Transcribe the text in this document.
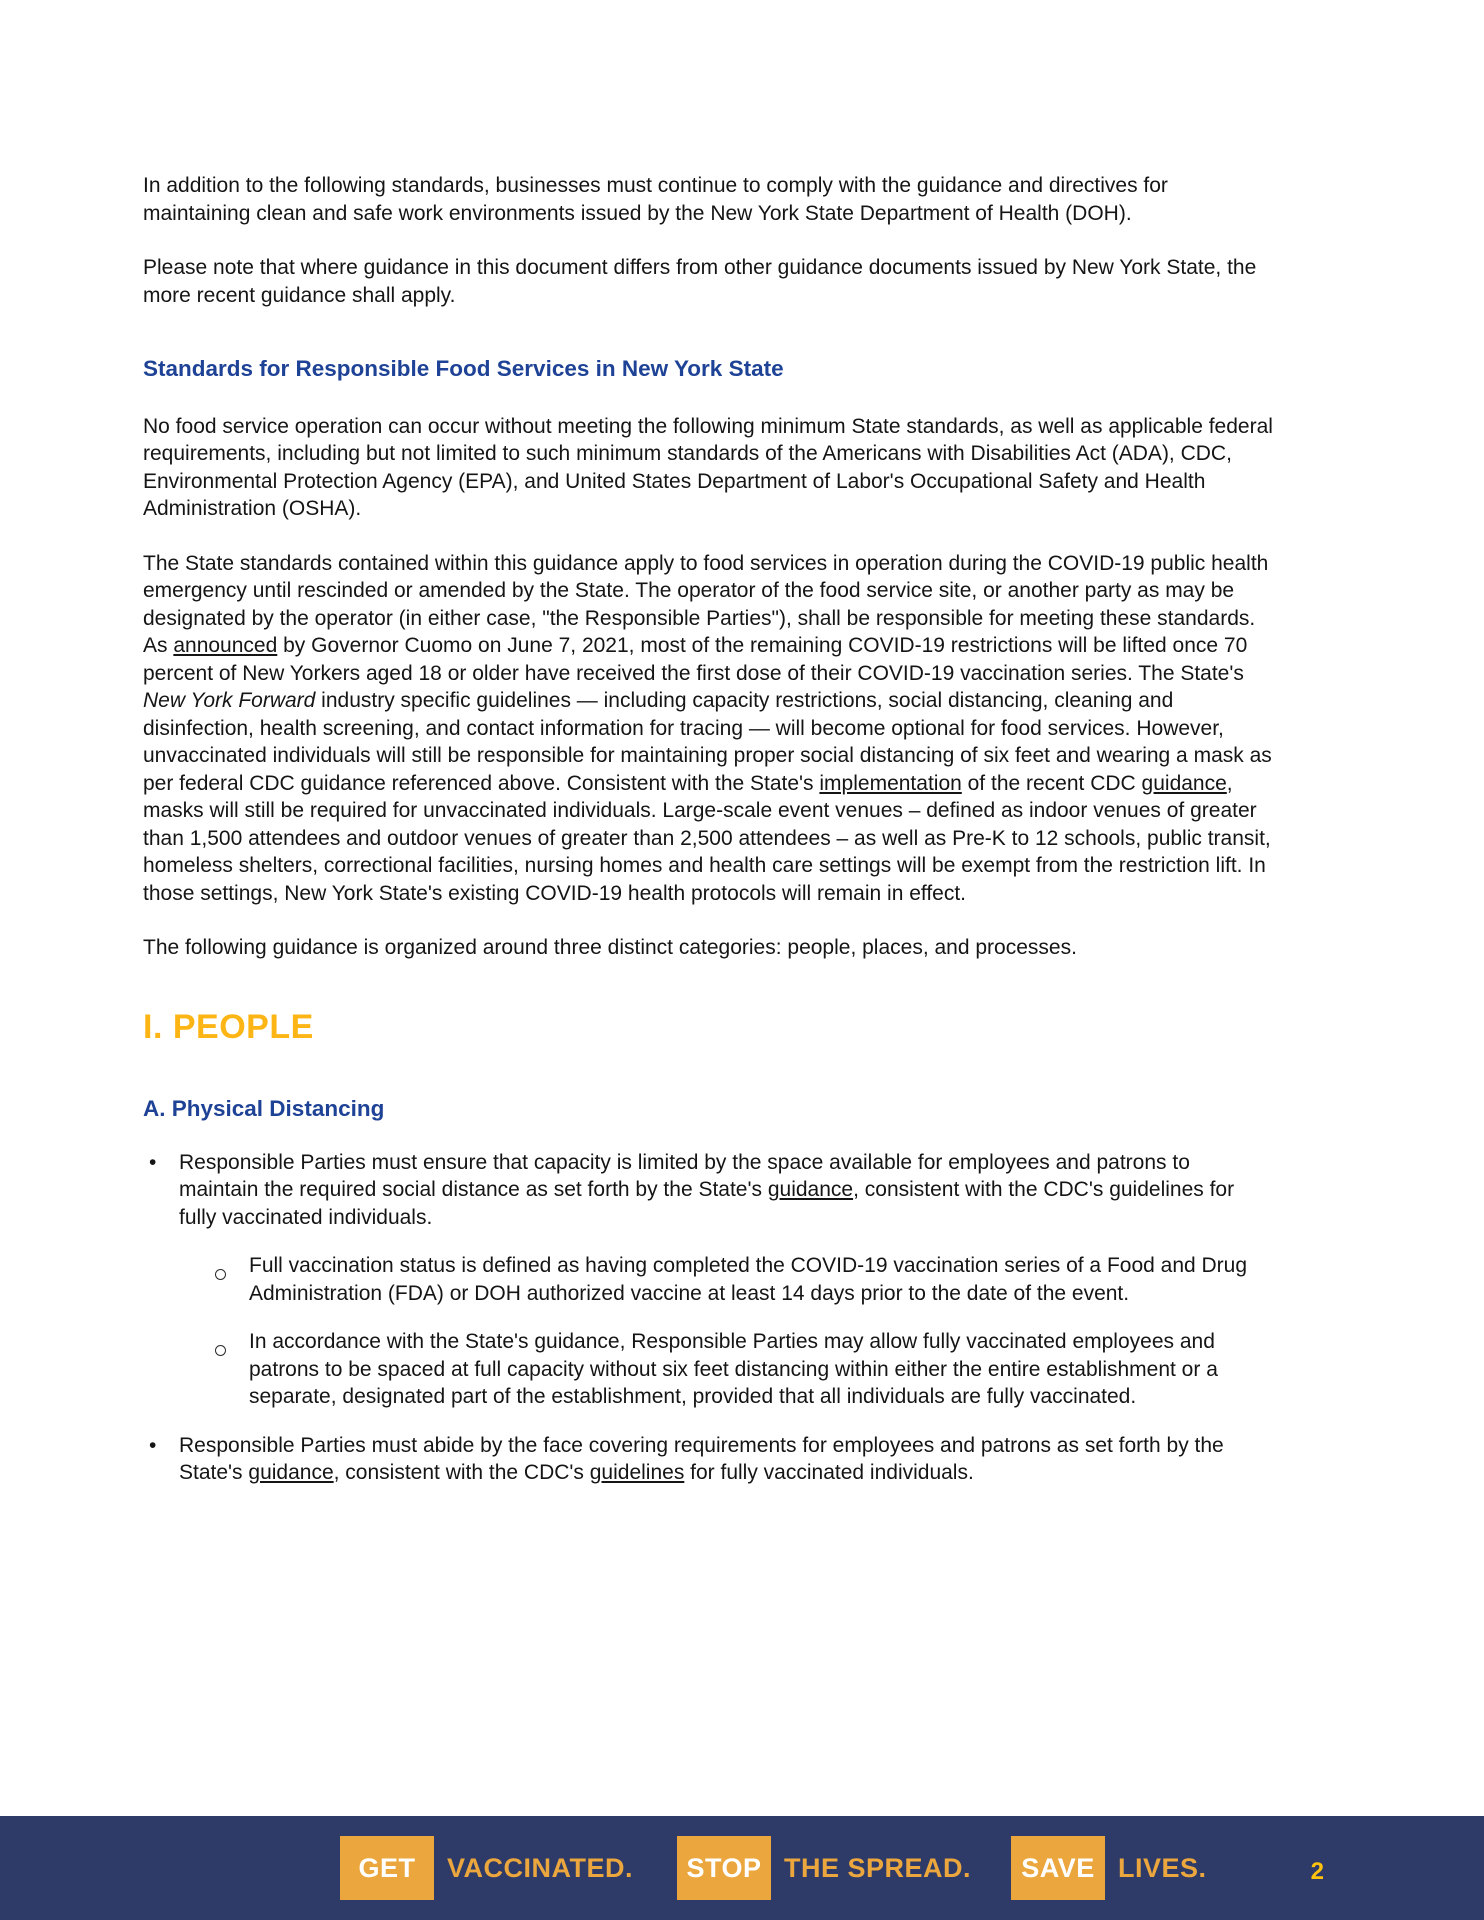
In addition to the following standards, businesses must continue to comply with the guidance and directives for maintaining clean and safe work environments issued by the New York State Department of Health (DOH).

Please note that where guidance in this document differs from other guidance documents issued by New York State, the more recent guidance shall apply.

Standards for Responsible Food Services in New York State

No food service operation can occur without meeting the following minimum State standards, as well as applicable federal requirements, including but not limited to such minimum standards of the Americans with Disabilities Act (ADA), CDC, Environmental Protection Agency (EPA), and United States Department of Labor's Occupational Safety and Health Administration (OSHA).

The State standards contained within this guidance apply to food services in operation during the COVID-19 public health emergency until rescinded or amended by the State. The operator of the food service site, or another party as may be designated by the operator (in either case, "the Responsible Parties"), shall be responsible for meeting these standards. As announced by Governor Cuomo on June 7, 2021, most of the remaining COVID-19 restrictions will be lifted once 70 percent of New Yorkers aged 18 or older have received the first dose of their COVID-19 vaccination series. The State's New York Forward industry specific guidelines — including capacity restrictions, social distancing, cleaning and disinfection, health screening, and contact information for tracing — will become optional for food services. However, unvaccinated individuals will still be responsible for maintaining proper social distancing of six feet and wearing a mask as per federal CDC guidance referenced above. Consistent with the State's implementation of the recent CDC guidance, masks will still be required for unvaccinated individuals. Large-scale event venues – defined as indoor venues of greater than 1,500 attendees and outdoor venues of greater than 2,500 attendees – as well as Pre-K to 12 schools, public transit, homeless shelters, correctional facilities, nursing homes and health care settings will be exempt from the restriction lift. In those settings, New York State's existing COVID-19 health protocols will remain in effect.

The following guidance is organized around three distinct categories: people, places, and processes.

I. PEOPLE
A. Physical Distancing
•	Responsible Parties must ensure that capacity is limited by the space available for employees and patrons to maintain the required social distance as set forth by the State's guidance, consistent with the CDC's guidelines for fully vaccinated individuals.
Full vaccination status is defined as having completed the COVID-19 vaccination series of a Food and Drug Administration (FDA) or DOH authorized vaccine at least 14 days prior to the date of the event.
In accordance with the State's guidance, Responsible Parties may allow fully vaccinated employees and patrons to be spaced at full capacity without six feet distancing within either the entire establishment or a separate, designated part of the establishment, provided that all individuals are fully vaccinated.
•	Responsible Parties must abide by the face covering requirements for employees and patrons as set forth by the State's guidance, consistent with the CDC's guidelines for fully vaccinated individuals.
GET	VACCINATED.	STOP THE SPREAD.	SAVE LIVES.	2
